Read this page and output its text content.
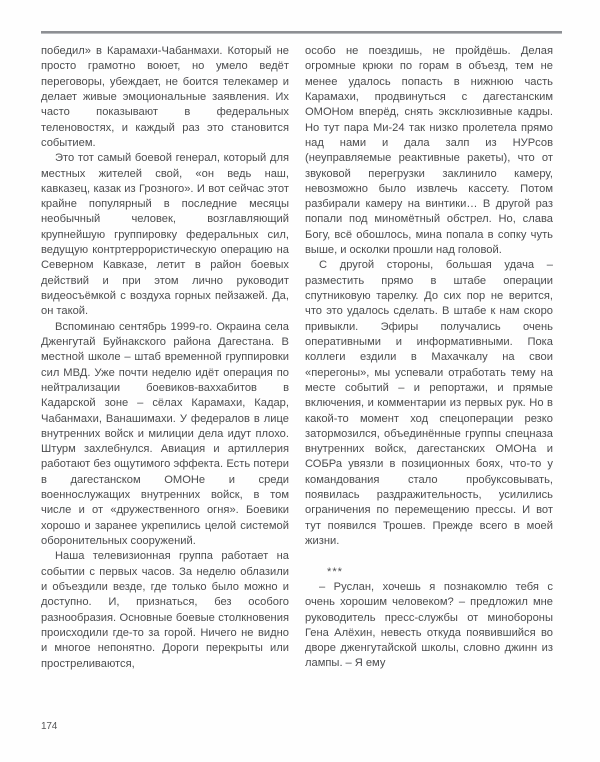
победил» в Карамахи-Чабанмахи. Который не просто грамотно воюет, но умело ведёт переговоры, убеждает, не боится телекамер и делает живые эмоциональные заявления. Их часто показывают в федеральных теленовостях, и каждый раз это становится событием.

Это тот самый боевой генерал, который для местных жителей свой, «он ведь наш, кавказец, казак из Грозного». И вот сейчас этот крайне популярный в последние месяцы необычный человек, возглавляющий крупнейшую группировку федеральных сил, ведущую контртеррористическую операцию на Северном Кавказе, летит в район боевых действий и при этом лично руководит видеосъёмкой с воздуха горных пейзажей. Да, он такой.

Вспоминаю сентябрь 1999-го. Окраина села Дженгутай Буйнакского района Дагестана. В местной школе – штаб временной группировки сил МВД. Уже почти неделю идёт операция по нейтрализации боевиков-ваххабитов в Кадарской зоне – сёлах Карамахи, Кадар, Чабанмахи, Ванашимахи. У федералов в лице внутренних войск и милиции дела идут плохо. Штурм захлебнулся. Авиация и артиллерия работают без ощутимого эффекта. Есть потери в дагестанском ОМОНе и среди военнослужащих внутренних войск, в том числе и от «дружественного огня». Боевики хорошо и заранее укрепились целой системой оборонительных сооружений.

Наша телевизионная группа работает на событии с первых часов. За неделю облазили и объездили везде, где только было можно и доступно. И, признаться, без особого разнообразия. Основные боевые столкновения происходили где-то за горой. Ничего не видно и многое непонятно. Дороги перекрыты или простреливаются,

особо не поездишь, не пройдёшь. Делая огромные крюки по горам в объезд, тем не менее удалось попасть в нижнюю часть Карамахи, продвинуться с дагестанским ОМОНом вперёд, снять эксклюзивные кадры. Но тут пара Ми-24 так низко пролетела прямо над нами и дала залп из НУРсов (неуправляемые реактивные ракеты), что от звуковой перегрузки заклинило камеру, невозможно было извлечь кассету. Потом разбирали камеру на винтики… В другой раз попали под миномётный обстрел. Но, слава Богу, всё обошлось, мина попала в сопку чуть выше, и осколки прошли над головой.

С другой стороны, большая удача – разместить прямо в штабе операции спутниковую тарелку. До сих пор не верится, что это удалось сделать. В штабе к нам скоро привыкли. Эфиры получались очень оперативными и информативными. Пока коллеги ездили в Махачкалу на свои «перегоны», мы успевали отработать тему на месте событий – и репортажи, и прямые включения, и комментарии из первых рук. Но в какой-то момент ход спецоперации резко затормозился, объединённые группы спецназа внутренних войск, дагестанских ОМОНа и СОБРа увязли в позиционных боях, что-то у командования стало пробуксовывать, появилась раздражительность, усилились ограничения по перемещению прессы. И вот тут появился Трошев. Прежде всего в моей жизни.

***

– Руслан, хочешь я познакомлю тебя с очень хорошим человеком? – предложил мне руководитель пресс-службы от минобороны Гена Алёхин, невесть откуда появившийся во дворе дженгутайской школы, словно джинн из лампы. – Я ему

174
